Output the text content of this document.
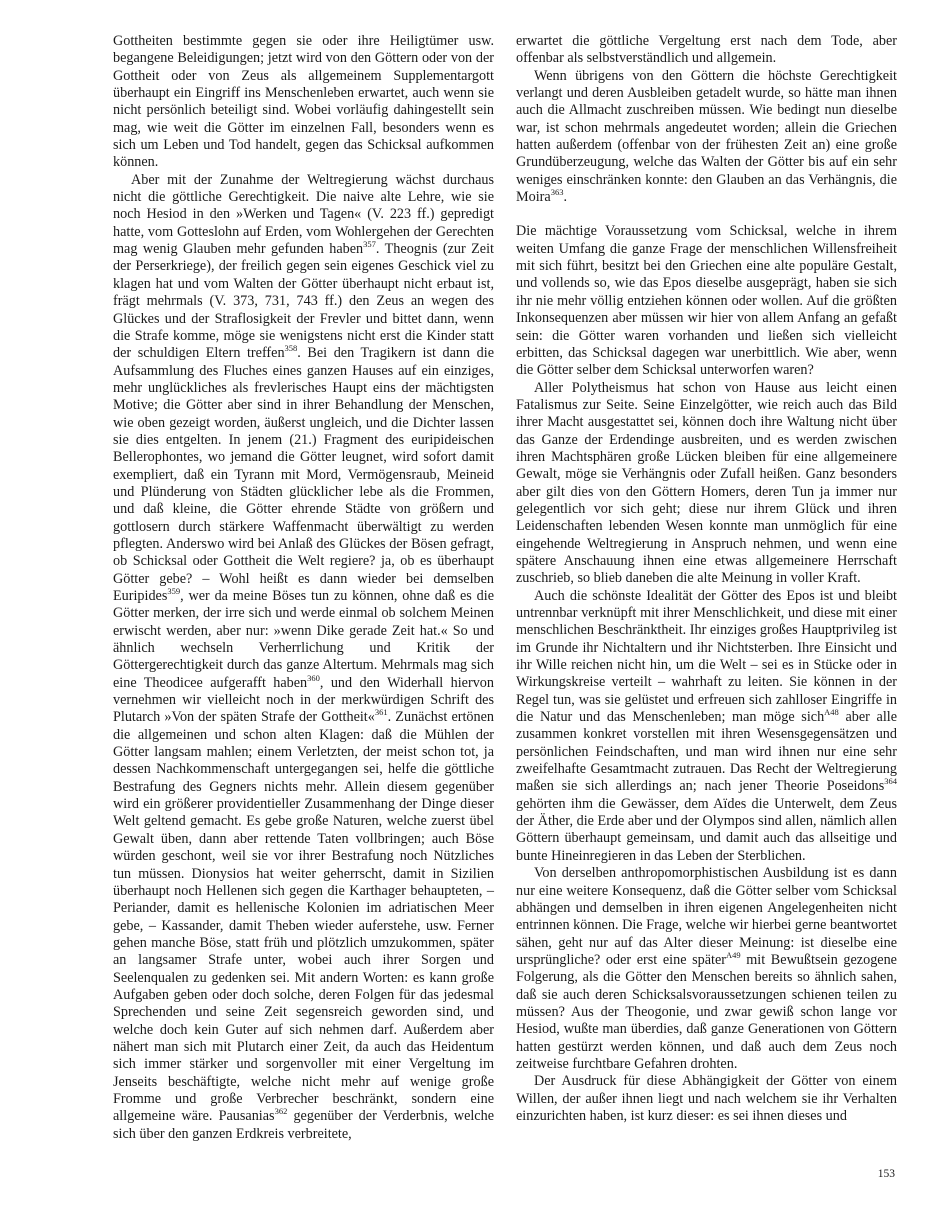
Gottheiten bestimmte gegen sie oder ihre Heiligtümer usw. begangene Beleidigungen; jetzt wird von den Göttern oder von der Gottheit oder von Zeus als allgemeinem Supplementargott überhaupt ein Eingriff ins Menschenleben erwartet, auch wenn sie nicht persönlich beteiligt sind. Wobei vorläufig dahingestellt sein mag, wie weit die Götter im einzelnen Fall, besonders wenn es sich um Leben und Tod handelt, gegen das Schicksal aufkommen können.

Aber mit der Zunahme der Weltregierung wächst durchaus nicht die göttliche Gerechtigkeit. Die naive alte Lehre, wie sie noch Hesiod in den »Werken und Tagen« (V. 223 ff.) gepredigt hatte, vom Gotteslohn auf Erden, vom Wohlergehen der Gerechten mag wenig Glauben mehr gefunden haben$^{357}$. Theognis (zur Zeit der Perserkriege), der freilich gegen sein eigenes Geschick viel zu klagen hat und vom Walten der Götter überhaupt nicht erbaut ist, frägt mehrmals (V. 373, 731, 743 ff.) den Zeus an wegen des Glückes und der Straflosigkeit der Frevler und bittet dann, wenn die Strafe komme, möge sie wenigstens nicht erst die Kinder statt der schuldigen Eltern treffen$^{358}$. Bei den Tragikern ist dann die Aufsammlung des Fluches eines ganzen Hauses auf ein einziges, mehr unglückliches als frevlerisches Haupt eins der mächtigsten Motive; die Götter aber sind in ihrer Behandlung der Menschen, wie oben gezeigt worden, äußerst ungleich, und die Dichter lassen sie dies entgelten. In jenem (21.) Fragment des euripideischen Bellerophontes, wo jemand die Götter leugnet, wird sofort damit exempliert, daß ein Tyrann mit Mord, Vermögensraub, Meineid und Plünderung von Städten glücklicher lebe als die Frommen, und daß kleine, die Götter ehrende Städte von größern und gottlosern durch stärkere Waffenmacht überwältigt zu werden pflegten. Anderswo wird bei Anlaß des Glückes der Bösen gefragt, ob Schicksal oder Gottheit die Welt regiere? ja, ob es überhaupt Götter gebe? – Wohl heißt es dann wieder bei demselben Euripides$^{359}$, wer da meine Böses tun zu können, ohne daß es die Götter merken, der irre sich und werde einmal ob solchem Meinen erwischt werden, aber nur: »wenn Dike gerade Zeit hat.« So und ähnlich wechseln Verherrlichung und Kritik der Göttergerechtigkeit durch das ganze Altertum. Mehrmals mag sich eine Theodicee aufgerafft haben$^{360}$, und den Widerhall hiervon vernehmen wir vielleicht noch in der merkwürdigen Schrift des Plutarch »Von der späten Strafe der Gottheit«$^{361}$. Zunächst ertönen die allgemeinen und schon alten Klagen: daß die Mühlen der Götter langsam mahlen; einem Verletzten, der meist schon tot, ja dessen Nachkommenschaft untergegangen sei, helfe die göttliche Bestrafung des Gegners nichts mehr. Allein diesem gegenüber wird ein größerer providentieller Zusammenhang der Dinge dieser Welt geltend gemacht. Es gebe große Naturen, welche zuerst übel Gewalt üben, dann aber rettende Taten vollbringen; auch Böse würden geschont, weil sie vor ihrer Bestrafung noch Nützliches tun müssen. Dionysios hat weiter geherrscht, damit in Sizilien überhaupt noch Hellenen sich gegen die Karthager behaupteten, – Periander, damit es hellenische Kolonien im adriatischen Meer gebe, – Kassander, damit Theben wieder auferstehe, usw. Ferner gehen manche Böse, statt früh und plötzlich umzukommen, später an langsamer Strafe unter, wobei auch ihrer Sorgen und Seelenqualen zu gedenken sei. Mit andern Worten: es kann große Aufgaben geben oder doch solche, deren Folgen für das jedesmal Sprechenden und seine Zeit segensreich geworden sind, und welche doch kein Guter auf sich nehmen darf. Außerdem aber nähert man sich mit Plutarch einer Zeit, da auch das Heidentum sich immer stärker und sorgenvoller mit einer Vergeltung im Jenseits beschäftigte, welche nicht mehr auf wenige große Fromme und große Verbrecher beschränkt, sondern eine allgemeine wäre. Pausanias$^{362}$ gegenüber der Verderbnis, welche sich über den ganzen Erdkreis verbreitete,

erwartet die göttliche Vergeltung erst nach dem Tode, aber offenbar als selbstverständlich und allgemein.

Wenn übrigens von den Göttern die höchste Gerechtigkeit verlangt und deren Ausbleiben getadelt wurde, so hätte man ihnen auch die Allmacht zuschreiben müssen. Wie bedingt nun dieselbe war, ist schon mehrmals angedeutet worden; allein die Griechen hatten außerdem (offenbar von der frühesten Zeit an) eine große Grundüberzeugung, welche das Walten der Götter bis auf ein sehr weniges einschränken konnte: den Glauben an das Verhängnis, die Moira$^{363}$.

Die mächtige Voraussetzung vom Schicksal, welche in ihrem weiten Umfang die ganze Frage der menschlichen Willensfreiheit mit sich führt, besitzt bei den Griechen eine alte populäre Gestalt, und vollends so, wie das Epos dieselbe ausgeprägt, haben sie sich ihr nie mehr völlig entziehen können oder wollen. Auf die größten Inkonsequenzen aber müssen wir hier von allem Anfang an gefaßt sein: die Götter waren vorhanden und ließen sich vielleicht erbitten, das Schicksal dagegen war unerbittlich. Wie aber, wenn die Götter selber dem Schicksal unterworfen waren?

Aller Polytheismus hat schon von Hause aus leicht einen Fatalismus zur Seite. Seine Einzelgötter, wie reich auch das Bild ihrer Macht ausgestattet sei, können doch ihre Waltung nicht über das Ganze der Erdendinge ausbreiten, und es werden zwischen ihren Machtsphären große Lücken bleiben für eine allgemeinere Gewalt, möge sie Verhängnis oder Zufall heißen. Ganz besonders aber gilt dies von den Göttern Homers, deren Tun ja immer nur gelegentlich vor sich geht; diese nur ihrem Glück und ihren Leidenschaften lebenden Wesen konnte man unmöglich für eine eingehende Weltregierung in Anspruch nehmen, und wenn eine spätere Anschauung ihnen eine etwas allgemeinere Herrschaft zuschrieb, so blieb daneben die alte Meinung in voller Kraft.

Auch die schönste Idealität der Götter des Epos ist und bleibt untrennbar verknüpft mit ihrer Menschlichkeit, und diese mit einer menschlichen Beschränktheit. Ihr einziges großes Hauptprivileg ist im Grunde ihr Nichtaltern und ihr Nichtsterben. Ihre Einsicht und ihr Wille reichen nicht hin, um die Welt – sei es in Stücke oder in Wirkungskreise verteilt – wahrhaft zu leiten. Sie können in der Regel tun, was sie gelüstet und erfreuen sich zahlloser Eingriffe in die Natur und das Menschenleben; man möge sich$^{A48}$ aber alle zusammen konkret vorstellen mit ihren Wesensgegensätzen und persönlichen Feindschaften, und man wird ihnen nur eine sehr zweifelhafte Gesamtmacht zutrauen. Das Recht der Weltregierung maßen sie sich allerdings an; nach jener Theorie Poseidons$^{364}$ gehörten ihm die Gewässer, dem Aïdes die Unterwelt, dem Zeus der Äther, die Erde aber und der Olympos sind allen, nämlich allen Göttern überhaupt gemeinsam, und damit auch das allseitige und bunte Hineinregieren in das Leben der Sterblichen.

Von derselben anthropomorphistischen Ausbildung ist es dann nur eine weitere Konsequenz, daß die Götter selber vom Schicksal abhängen und demselben in ihren eigenen Angelegenheiten nicht entrinnen können. Die Frage, welche wir hierbei gerne beantwortet sähen, geht nur auf das Alter dieser Meinung: ist dieselbe eine ursprüngliche? oder erst eine später$^{A49}$ mit Bewußtsein gezogene Folgerung, als die Götter den Menschen bereits so ähnlich sahen, daß sie auch deren Schicksalsvoraussetzungen schienen teilen zu müssen? Aus der Theogonie, und zwar gewiß schon lange vor Hesiod, wußte man überdies, daß ganze Generationen von Göttern hatten gestürzt werden können, und daß auch dem Zeus noch zeitweise furchtbare Gefahren drohten.

Der Ausdruck für diese Abhängigkeit der Götter von einem Willen, der außer ihnen liegt und nach welchem sie ihr Verhalten einzurichten haben, ist kurz dieser: es sei ihnen dieses und

153
